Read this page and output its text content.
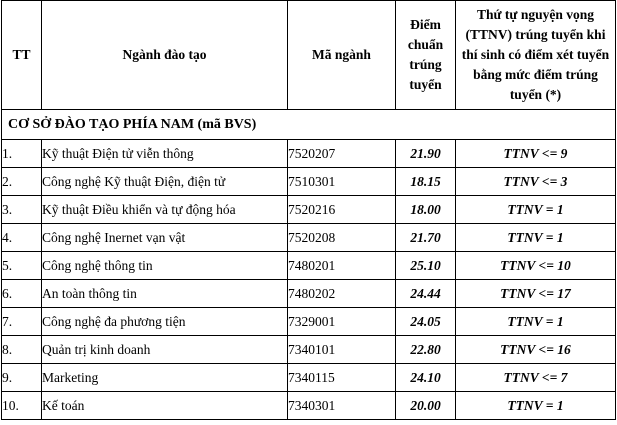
TT	Ngành đào tạo	Mã ngành	Điểm chuẩn trúng tuyển	Thứ tự nguyện vọng (TTNV) trúng tuyển khi thí sinh có điểm xét tuyển bằng mức điểm trúng tuyển (*)
CƠ SỞ ĐÀO TẠO PHÍA NAM (mã BVS)				
1.	Kỹ thuật Điện tử viễn thông	7520207	21.90	TTNV <= 9
2.	Công nghệ Kỹ thuật Điện, điện tử	7510301	18.15	TTNV <= 3
3.	Kỹ thuật Điều khiển và tự động hóa	7520216	18.00	TTNV = 1
4.	Công nghệ Inernet vạn vật	7520208	21.70	TTNV = 1
5.	Công nghệ thông tin	7480201	25.10	TTNV <= 10
6.	An toàn thông tin	7480202	24.44	TTNV <= 17
7.	Công nghệ đa phương tiện	7329001	24.05	TTNV = 1
8.	Quản trị kinh doanh	7340101	22.80	TTNV <= 16
9.	Marketing	7340115	24.10	TTNV <= 7
10.	Kế toán	7340301	20.00	TTNV = 1
